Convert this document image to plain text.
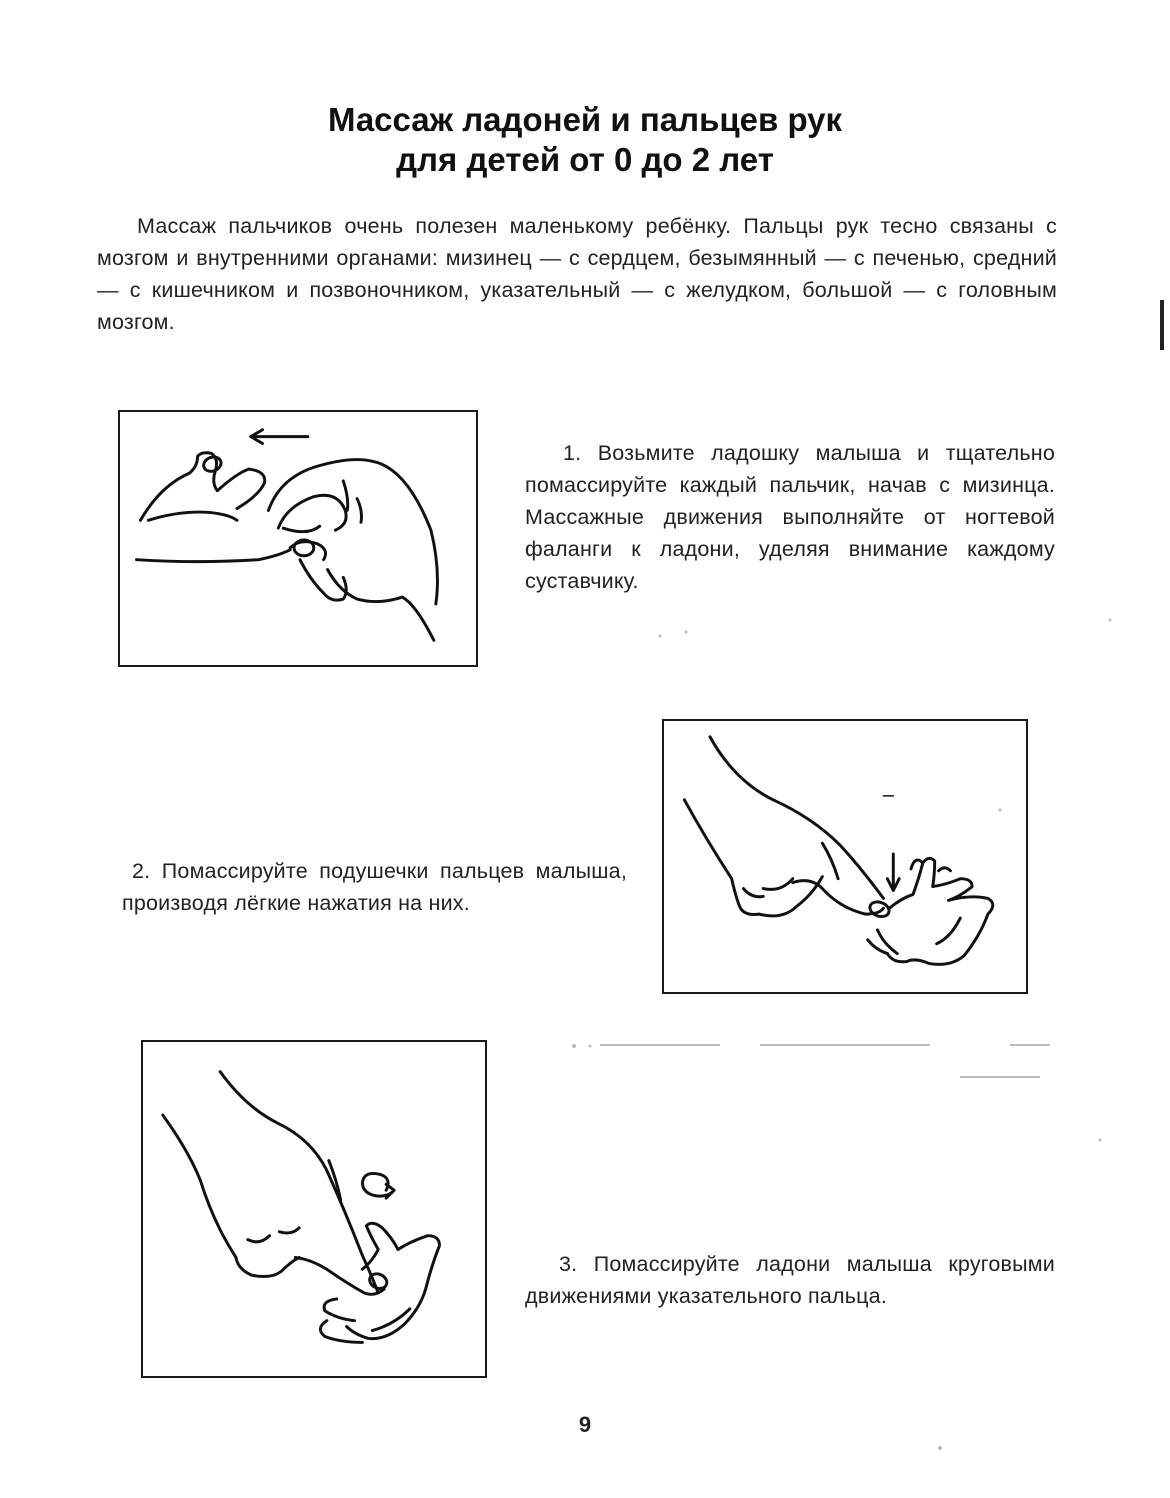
Массаж ладоней и пальцев рук
для детей от 0 до 2 лет

Массаж пальчиков очень полезен маленькому ребёнку. Пальцы рук тесно связаны с мозгом и внутренними органами: мизинец — с сердцем, безымянный — с печенью, средний — с кишечником и позвоночником, указательный — с желудком, большой — с головным мозгом.

1. Возьмите ладошку малыша и тщательно помассируйте каждый пальчик, начав с мизинца. Массажные движения выполняйте от ногтевой фаланги к ладони, уделяя внимание каждому суставчику.
2. Помассируйте подушечки пальцев малыша, производя лёгкие нажатия на них.
3. Помассируйте ладони малыша круговыми движениями указательного пальца.
9
